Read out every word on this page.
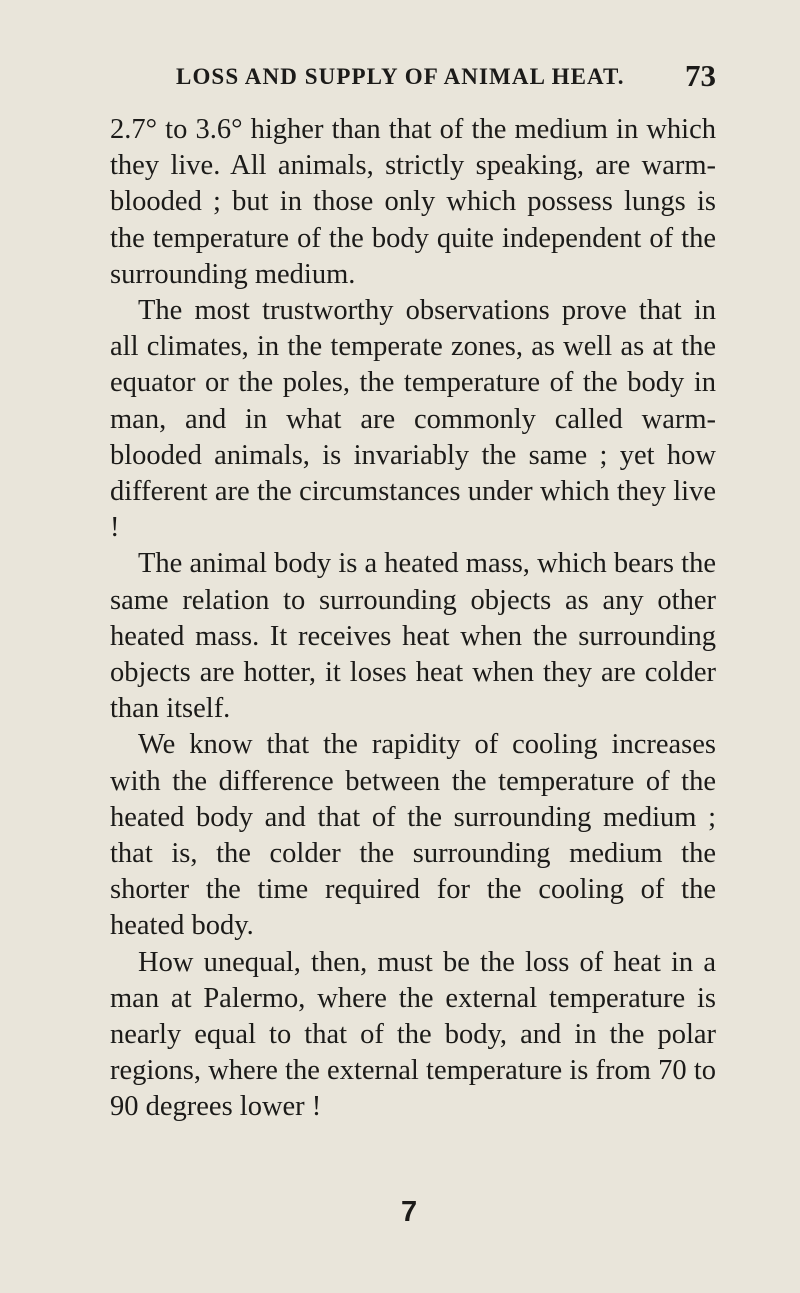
LOSS AND SUPPLY OF ANIMAL HEAT. 73

2.7° to 3.6° higher than that of the medium in which they live. All animals, strictly speaking, are warm-blooded ; but in those only which possess lungs is the temperature of the body quite independent of the surrounding medium.

The most trustworthy observations prove that in all climates, in the temperate zones, as well as at the equator or the poles, the temperature of the body in man, and in what are commonly called warm-blooded animals, is invariably the same ; yet how different are the circumstances under which they live !

The animal body is a heated mass, which bears the same relation to surrounding objects as any other heated mass. It receives heat when the surrounding objects are hotter, it loses heat when they are colder than itself.

We know that the rapidity of cooling increases with the difference between the temperature of the heated body and that of the surrounding medium ; that is, the colder the surrounding medium the shorter the time required for the cooling of the heated body.

How unequal, then, must be the loss of heat in a man at Palermo, where the external temperature is nearly equal to that of the body, and in the polar regions, where the external temperature is from 70 to 90 degrees lower !

7
